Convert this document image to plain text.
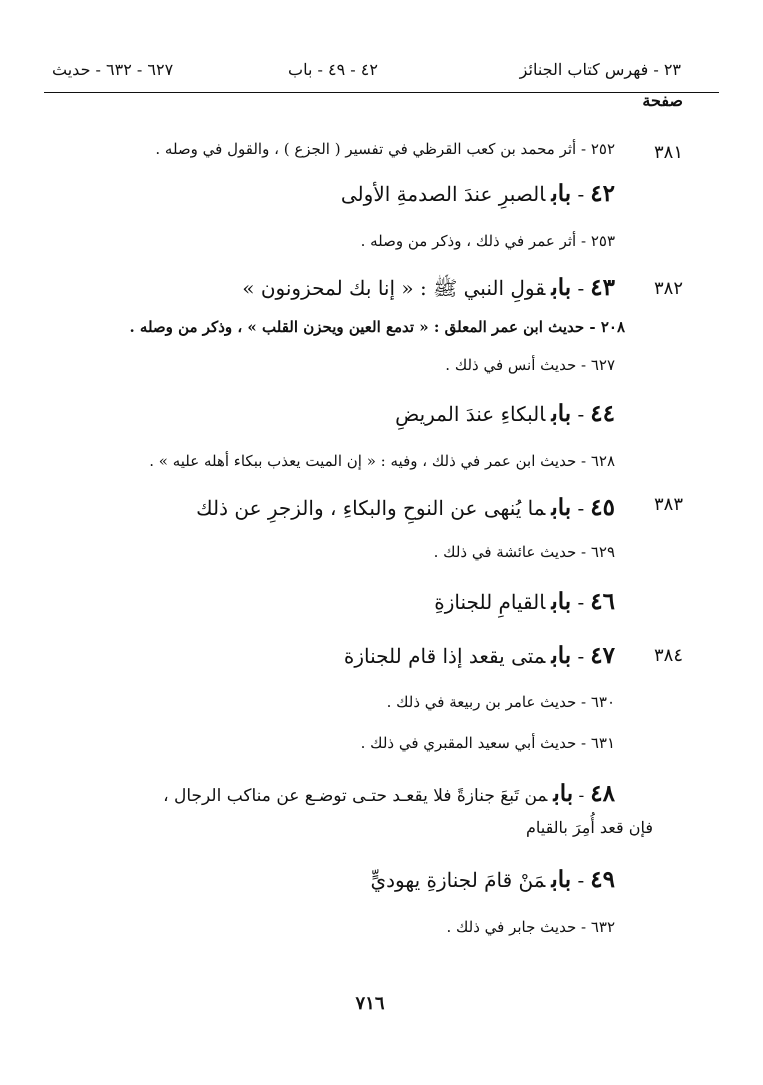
٢٣ - فهرس كتاب الجنائز
٤٢ - ٤٩ - باب
٦٢٧ - ٦٣٢ - حديث
صفحة
٣٨١
٣٨٢
٣٨٣
٣٨٤
٢٥٢ - أثر محمد بن كعب القرظي في تفسير ( الجزع ) ، والقول في وصله .
٤٢- بابالصبرِ عندَ الصدمةِ الأولى
٢٥٣ - أثر عمر في ذلك ، وذكر من وصله .
٤٣- بابقولِ النبي ﷺ : « إنا بك لمحزونون »
٢٠٨ - حديث ابن عمر المعلق : « تدمع العين ويحزن القلب » ، وذكر من وصله .
٦٢٧ - حديث أنس في ذلك .
٤٤- بابالبكاءِ عندَ المريضِ
٦٢٨ - حديث ابن عمر في ذلك ، وفيه : « إن الميت يعذب ببكاء أهله عليه » .
٤٥- بابما يُنهى عن النوحِ والبكاءِ ، والزجرِ عن ذلك
٦٢٩ - حديث عائشة في ذلك .
٤٦- بابالقيامِ للجنازةِ
٤٧- بابمتى يقعد إذا قام للجنازة
٦٣٠ - حديث عامر بن ربيعة في ذلك .
٦٣١ - حديث أبي سعيد المقبري في ذلك .
٤٨- بابمن تَبعَ جنازةً فلا يقعـد حتـى توضـع عن مناكب الرجال ،
فإن قعد أُمِرَ بالقيام
٤٩- بابمَنْ قامَ لجنازةِ يهوديٍّ
٦٣٢ - حديث جابر في ذلك .
٧١٦
